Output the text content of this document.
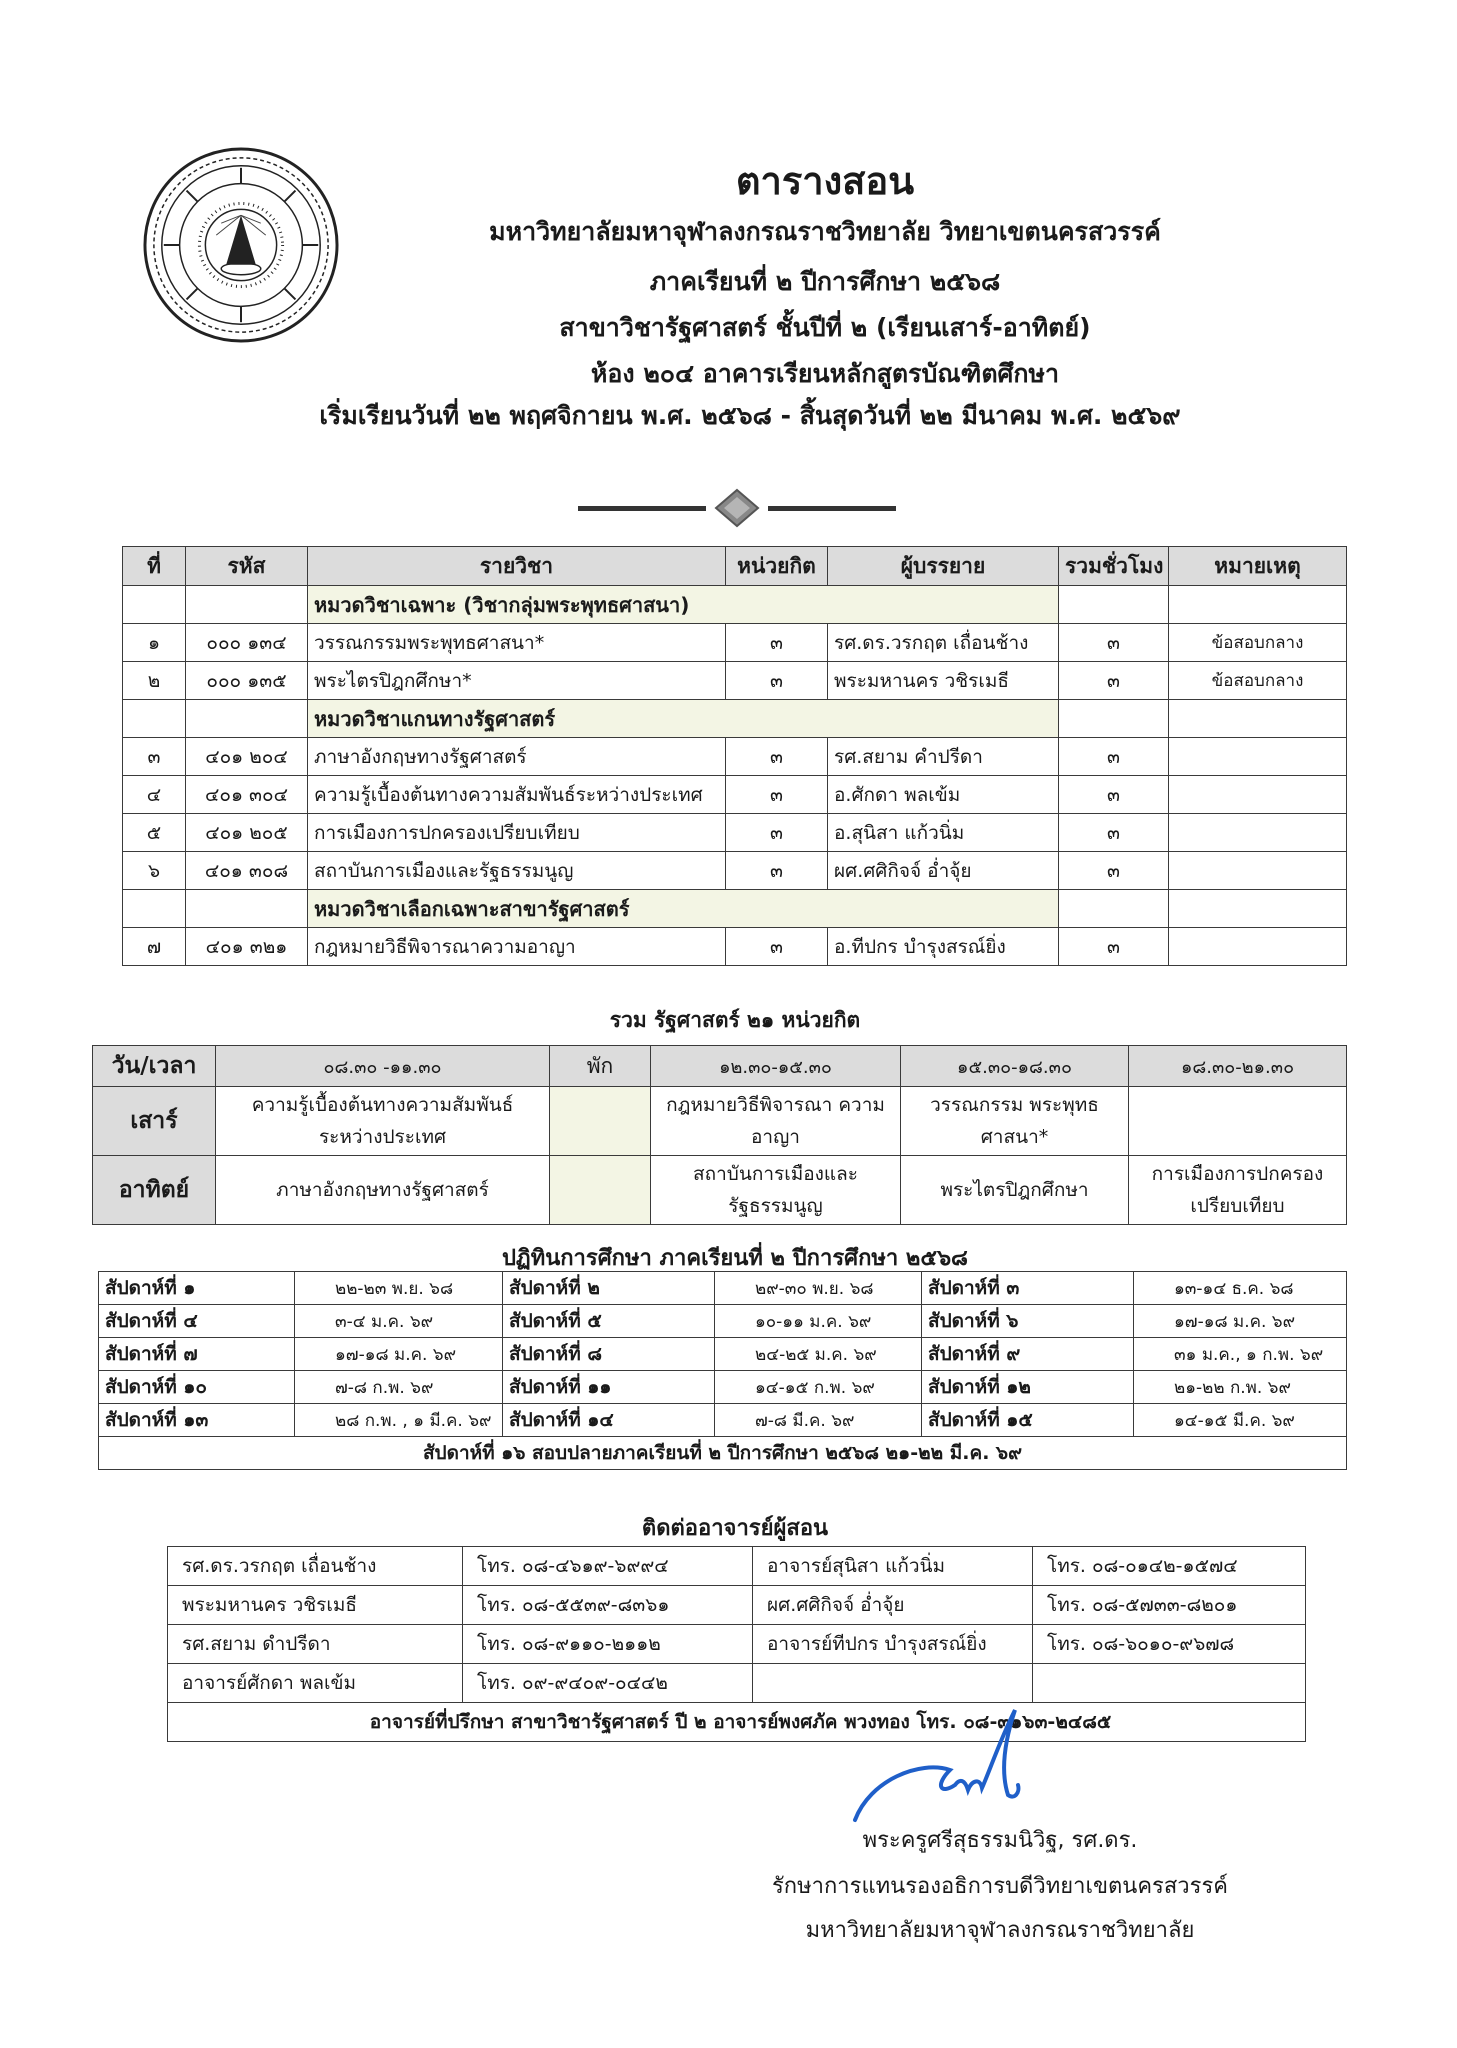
ตารางสอน
มหาวิทยาลัยมหาจุฬาลงกรณราชวิทยาลัย วิทยาเขตนครสวรรค์
ภาคเรียนที่ ๒ ปีการศึกษา ๒๕๖๘
สาขาวิชารัฐศาสตร์ ชั้นปีที่ ๒ (เรียนเสาร์-อาทิตย์)
ห้อง ๒๐๔ อาคารเรียนหลักสูตรบัณฑิตศึกษา
เริ่มเรียนวันที่ ๒๒ พฤศจิกายน พ.ศ. ๒๕๖๘ - สิ้นสุดวันที่ ๒๒ มีนาคม พ.ศ. ๒๕๖๙
ที่	รหัส	รายวิชา	หน่วยกิต	ผู้บรรยาย	รวมชั่วโมง	หมายเหตุ
		หมวดวิชาเฉพาะ (วิชากลุ่มพระพุทธศาสนา)				
๑	๐๐๐ ๑๓๔	วรรณกรรมพระพุทธศาสนา*	๓	รศ.ดร.วรกฤต เถื่อนช้าง	๓	ข้อสอบกลาง
๒	๐๐๐ ๑๓๕	พระไตรปิฎกศึกษา*	๓	พระมหานคร วชิรเมธี	๓	ข้อสอบกลาง
		หมวดวิชาแกนทางรัฐศาสตร์				
๓	๔๐๑ ๒๐๔	ภาษาอังกฤษทางรัฐศาสตร์	๓	รศ.สยาม คำปรีดา	๓	
๔	๔๐๑ ๓๐๔	ความรู้เบื้องต้นทางความสัมพันธ์ระหว่างประเทศ	๓	อ.ศักดา พลเข้ม	๓	
๕	๔๐๑ ๒๐๕	การเมืองการปกครองเปรียบเทียบ	๓	อ.สุนิสา แก้วนิ่ม	๓	
๖	๔๐๑ ๓๐๘	สถาบันการเมืองและรัฐธรรมนูญ	๓	ผศ.ศศิกิจจ์ อ่ำจุ้ย	๓	
		หมวดวิชาเลือกเฉพาะสาขารัฐศาสตร์				
๗	๔๐๑ ๓๒๑	กฎหมายวิธีพิจารณาความอาญา	๓	อ.ทีปกร บำรุงสรณ์ยิ่ง	๓	
รวม รัฐศาสตร์ ๒๑ หน่วยกิต
วัน/เวลา	๐๘.๓๐ -๑๑.๓๐	พัก	๑๒.๓๐-๑๕.๓๐	๑๕.๓๐-๑๘.๓๐	๑๘.๓๐-๒๑.๓๐
เสาร์	ความรู้เบื้องต้นทางความสัมพันธ์ ระหว่างประเทศ		กฎหมายวิธีพิจารณา ความอาญา	วรรณกรรม พระพุทธศาสนา*	
อาทิตย์	ภาษาอังกฤษทางรัฐศาสตร์		สถาบันการเมืองและ รัฐธรรมนูญ	พระไตรปิฎกศึกษา	การเมืองการปกครอง เปรียบเทียบ
ปฏิทินการศึกษา ภาคเรียนที่ ๒ ปีการศึกษา ๒๕๖๘
สัปดาห์ที่ ๑	๒๒-๒๓ พ.ย. ๖๘	สัปดาห์ที่ ๒	๒๙-๓๐ พ.ย. ๖๘	สัปดาห์ที่ ๓	๑๓-๑๔ ธ.ค. ๖๘
สัปดาห์ที่ ๔	๓-๔ ม.ค. ๖๙	สัปดาห์ที่ ๕	๑๐-๑๑ ม.ค. ๖๙	สัปดาห์ที่ ๖	๑๗-๑๘ ม.ค. ๖๙
สัปดาห์ที่ ๗	๑๗-๑๘ ม.ค. ๖๙	สัปดาห์ที่ ๘	๒๔-๒๕ ม.ค. ๖๙	สัปดาห์ที่ ๙	๓๑ ม.ค., ๑ ก.พ. ๖๙
สัปดาห์ที่ ๑๐	๗-๘ ก.พ. ๖๙	สัปดาห์ที่ ๑๑	๑๔-๑๕ ก.พ. ๖๙	สัปดาห์ที่ ๑๒	๒๑-๒๒ ก.พ. ๖๙
สัปดาห์ที่ ๑๓	๒๘ ก.พ. , ๑ มี.ค. ๖๙	สัปดาห์ที่ ๑๔	๗-๘ มี.ค. ๖๙	สัปดาห์ที่ ๑๕	๑๔-๑๕ มี.ค. ๖๙
สัปดาห์ที่ ๑๖ สอบปลายภาคเรียนที่ ๒ ปีการศึกษา ๒๕๖๘ ๒๑-๒๒ มี.ค. ๖๙					
ติดต่ออาจารย์ผู้สอน
รศ.ดร.วรกฤต เถื่อนช้าง	โทร. ๐๘-๔๖๑๙-๖๙๙๔	อาจารย์สุนิสา แก้วนิ่ม	โทร. ๐๘-๐๑๔๒-๑๕๗๔
พระมหานคร วชิรเมธี	โทร. ๐๘-๕๕๓๙-๘๓๖๑	ผศ.ศศิกิจจ์ อ่ำจุ้ย	โทร. ๐๘-๕๗๓๓-๘๒๐๑
รศ.สยาม ดำปรีดา	โทร. ๐๘-๙๑๑๐-๒๑๑๒	อาจารย์ทีปกร บำรุงสรณ์ยิ่ง	โทร. ๐๘-๖๐๑๐-๙๖๗๘
อาจารย์ศักดา พลเข้ม	โทร. ๐๙-๙๔๐๙-๐๔๔๒		
อาจารย์ที่ปรึกษา สาขาวิชารัฐศาสตร์ ปี ๒ อาจารย์พงศภัค พวงทอง โทร. ๐๘-๓๑๖๓-๒๔๘๕			
พระครูศรีสุธรรมนิวิฐ, รศ.ดร.
รักษาการแทนรองอธิการบดีวิทยาเขตนครสวรรค์
มหาวิทยาลัยมหาจุฬาลงกรณราชวิทยาลัย
